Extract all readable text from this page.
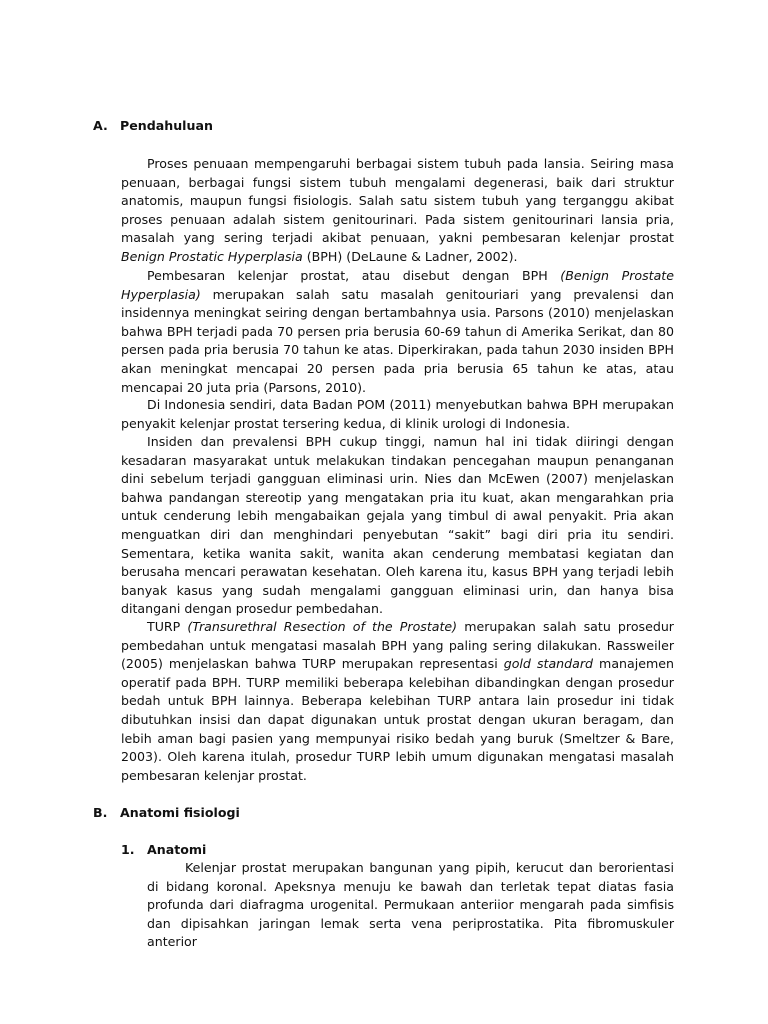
A. Pendahuluan

Proses penuaan mempengaruhi berbagai sistem tubuh pada lansia. Seiring masa penuaan, berbagai fungsi sistem tubuh mengalami degenerasi, baik dari struktur anatomis, maupun fungsi fisiologis. Salah satu sistem tubuh yang terganggu akibat proses penuaan adalah sistem genitourinari. Pada sistem genitourinari lansia pria, masalah yang sering terjadi akibat penuaan, yakni pembesaran kelenjar prostat Benign Prostatic Hyperplasia (BPH) (DeLaune & Ladner, 2002).

Pembesaran kelenjar prostat, atau disebut dengan BPH (Benign Prostate Hyperplasia) merupakan salah satu masalah genitouriari yang prevalensi dan insidennya meningkat seiring dengan bertambahnya usia. Parsons (2010) menjelaskan bahwa BPH terjadi pada 70 persen pria berusia 60-69 tahun di Amerika Serikat, dan 80 persen pada pria berusia 70 tahun ke atas. Diperkirakan, pada tahun 2030 insiden BPH akan meningkat mencapai 20 persen pada pria berusia 65 tahun ke atas, atau mencapai 20 juta pria (Parsons, 2010).

Di Indonesia sendiri, data Badan POM (2011) menyebutkan bahwa BPH merupakan penyakit kelenjar prostat tersering kedua, di klinik urologi di Indonesia.

Insiden dan prevalensi BPH cukup tinggi, namun hal ini tidak diiringi dengan kesadaran masyarakat untuk melakukan tindakan pencegahan maupun penanganan dini sebelum terjadi gangguan eliminasi urin. Nies dan McEwen (2007) menjelaskan bahwa pandangan stereotip yang mengatakan pria itu kuat, akan mengarahkan pria untuk cenderung lebih mengabaikan gejala yang timbul di awal penyakit. Pria akan menguatkan diri dan menghindari penyebutan “sakit” bagi diri pria itu sendiri. Sementara, ketika wanita sakit, wanita akan cenderung membatasi kegiatan dan berusaha mencari perawatan kesehatan. Oleh karena itu, kasus BPH yang terjadi lebih banyak kasus yang sudah mengalami gangguan eliminasi urin, dan hanya bisa ditangani dengan prosedur pembedahan.

TURP (Transurethral Resection of the Prostate) merupakan salah satu prosedur pembedahan untuk mengatasi masalah BPH yang paling sering dilakukan. Rassweiler (2005) menjelaskan bahwa TURP merupakan representasi gold standard manajemen operatif pada BPH. TURP memiliki beberapa kelebihan dibandingkan dengan prosedur bedah untuk BPH lainnya. Beberapa kelebihan TURP antara lain prosedur ini tidak dibutuhkan insisi dan dapat digunakan untuk prostat dengan ukuran beragam, dan lebih aman bagi pasien yang mempunyai risiko bedah yang buruk (Smeltzer & Bare, 2003). Oleh karena itulah, prosedur TURP lebih umum digunakan mengatasi masalah pembesaran kelenjar prostat.

B. Anatomi fisiologi
1. Anatomi

Kelenjar prostat merupakan bangunan yang pipih, kerucut dan berorientasi di bidang koronal. Apeksnya menuju ke bawah dan terletak tepat diatas fasia profunda dari diafragma urogenital. Permukaan anteriior mengarah pada simfisis dan dipisahkan jaringan lemak serta vena periprostatika. Pita fibromuskuler anterior
